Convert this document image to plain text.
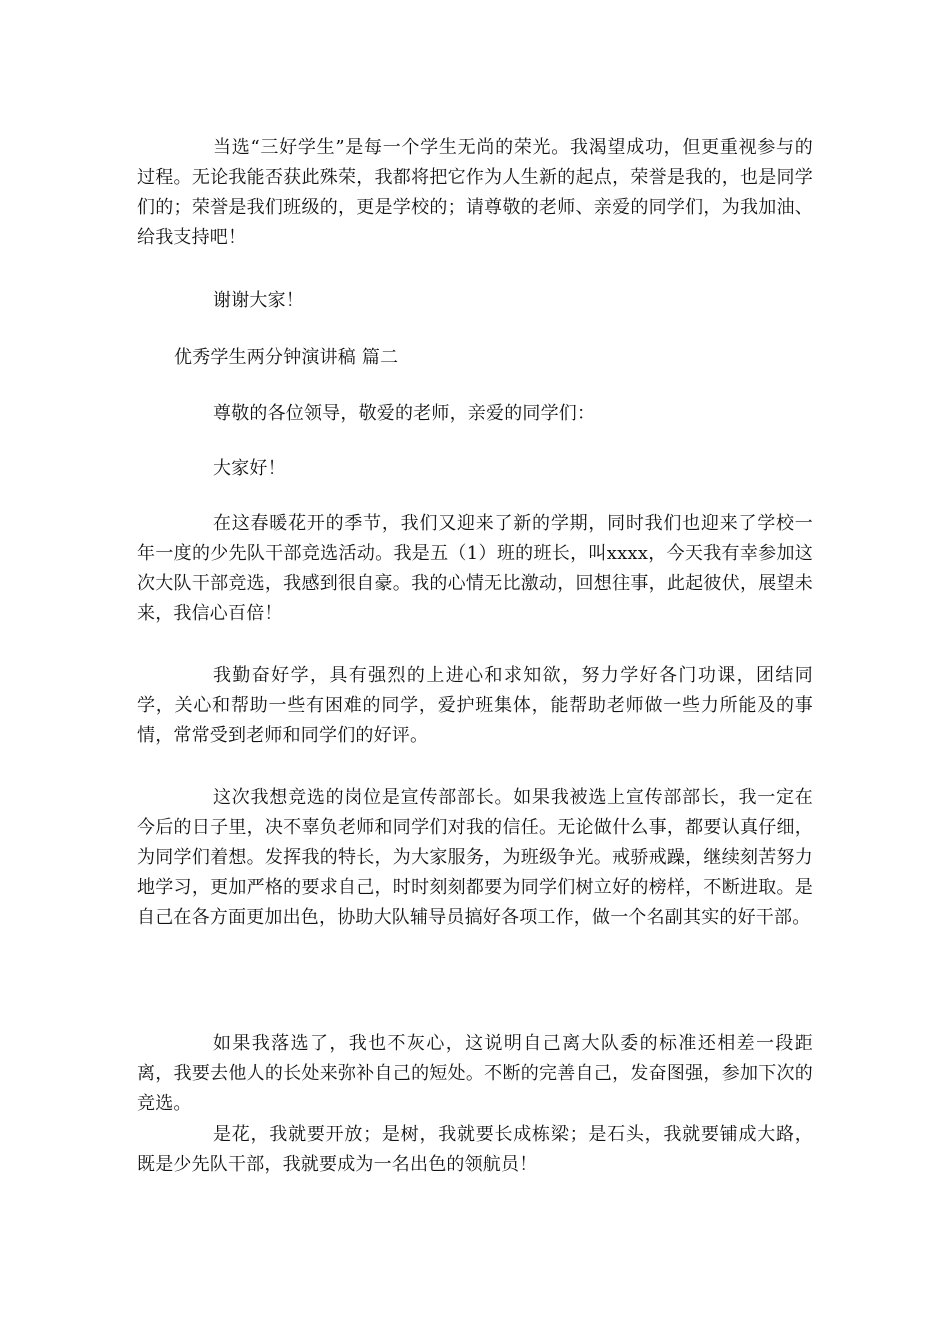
当选“三好学生”是每一个学生无尚的荣光。我渴望成功，但更重视参与的过程。无论我能否获此殊荣，我都将把它作为人生新的起点，荣誉是我的，也是同学们的；荣誉是我们班级的，更是学校的；请尊敬的老师、亲爱的同学们，为我加油、给我支持吧！

谢谢大家！

优秀学生两分钟演讲稿 篇二

尊敬的各位领导，敬爱的老师，亲爱的同学们：

大家好！

在这春暖花开的季节，我们又迎来了新的学期，同时我们也迎来了学校一年一度的少先队干部竞选活动。我是五（1）班的班长，叫xxxx，今天我有幸参加这次大队干部竞选，我感到很自豪。我的心情无比激动，回想往事，此起彼伏，展望未来，我信心百倍！

我勤奋好学，具有强烈的上进心和求知欲，努力学好各门功课，团结同学，关心和帮助一些有困难的同学，爱护班集体，能帮助老师做一些力所能及的事情，常常受到老师和同学们的好评。

这次我想竞选的岗位是宣传部部长。如果我被选上宣传部部长，我一定在今后的日子里，决不辜负老师和同学们对我的信任。无论做什么事，都要认真仔细，为同学们着想。发挥我的特长，为大家服务，为班级争光。戒骄戒躁，继续刻苦努力地学习，更加严格的要求自己，时时刻刻都要为同学们树立好的榜样，不断进取。是自己在各方面更加出色，协助大队辅导员搞好各项工作，做一个名副其实的好干部。

如果我落选了，我也不灰心，这说明自己离大队委的标准还相差一段距离，我要去他人的长处来弥补自己的短处。不断的完善自己，发奋图强，参加下次的竞选。

是花，我就要开放；是树，我就要长成栋梁；是石头，我就要铺成大路，既是少先队干部，我就要成为一名出色的领航员！
